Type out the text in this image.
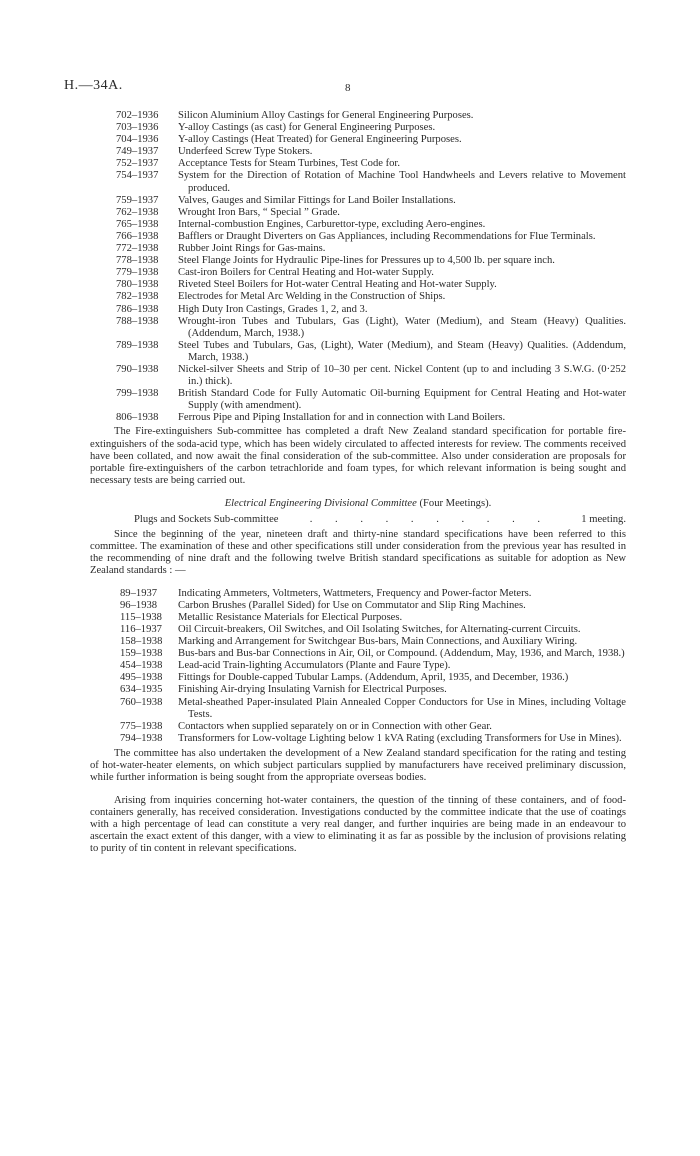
H.—34A.	8
702–1936	Silicon Aluminium Alloy Castings for General Engineering Purposes.
703–1936	Y-alloy Castings (as cast) for General Engineering Purposes.
704–1936	Y-alloy Castings (Heat Treated) for General Engineering Purposes.
749–1937	Underfeed Screw Type Stokers.
752–1937	Acceptance Tests for Steam Turbines, Test Code for.
754–1937	System for the Direction of Rotation of Machine Tool Handwheels and Levers relative to Movement produced.
759–1937	Valves, Gauges and Similar Fittings for Land Boiler Installations.
762–1938	Wrought Iron Bars, “ Special ” Grade.
765–1938	Internal-combustion Engines, Carburettor-type, excluding Aero-engines.
766–1938	Bafflers or Draught Diverters on Gas Appliances, including Recommendations for Flue Terminals.
772–1938	Rubber Joint Rings for Gas-mains.
778–1938	Steel Flange Joints for Hydraulic Pipe-lines for Pressures up to 4,500 lb. per square inch.
779–1938	Cast-iron Boilers for Central Heating and Hot-water Supply.
780–1938	Riveted Steel Boilers for Hot-water Central Heating and Hot-water Supply.
782–1938	Electrodes for Metal Arc Welding in the Construction of Ships.
786–1938	High Duty Iron Castings, Grades 1, 2, and 3.
788–1938	Wrought-iron Tubes and Tubulars, Gas (Light), Water (Medium), and Steam (Heavy) Qualities. (Addendum, March, 1938.)
789–1938	Steel Tubes and Tubulars, Gas, (Light), Water (Medium), and Steam (Heavy) Qualities. (Addendum, March, 1938.)
790–1938	Nickel-silver Sheets and Strip of 10–30 per cent. Nickel Content (up to and including 3 S.W.G. (0·252 in.) thick).
799–1938	British Standard Code for Fully Automatic Oil-burning Equipment for Central Heating and Hot-water Supply (with amendment).
806–1938	Ferrous Pipe and Piping Installation for and in connection with Land Boilers.

The Fire-extinguishers Sub-committee has completed a draft New Zealand standard specification for portable fire-extinguishers of the soda-acid type, which has been widely circulated to affected interests for review. The comments received have been collated, and now await the final consideration of the sub-committee. Also under consideration are proposals for portable fire-extinguishers of the carbon tetrachloride and foam types, for which relevant information is being sought and necessary tests are being carried out.

Electrical Engineering Divisional Committee (Four Meetings).
Plugs and Sockets Sub-committee	. . . . . . . . . .	1 meeting.

Since the beginning of the year, nineteen draft and thirty-nine standard specifications have been referred to this committee. The examination of these and other specifications still under consideration from the previous year has resulted in the recommending of nine draft and the following twelve British standard specifications as suitable for adoption as New Zealand standards : —

89–1937	Indicating Ammeters, Voltmeters, Wattmeters, Frequency and Power-factor Meters.
96–1938	Carbon Brushes (Parallel Sided) for Use on Commutator and Slip Ring Machines.
115–1938	Metallic Resistance Materials for Electical Purposes.
116–1937	Oil Circuit-breakers, Oil Switches, and Oil Isolating Switches, for Alternating-current Circuits.
158–1938	Marking and Arrangement for Switchgear Bus-bars, Main Connections, and Auxiliary Wiring.
159–1938	Bus-bars and Bus-bar Connections in Air, Oil, or Compound. (Addendum, May, 1936, and March, 1938.)
454–1938	Lead-acid Train-lighting Accumulators (Plante and Faure Type).
495–1938	Fittings for Double-capped Tubular Lamps. (Addendum, April, 1935, and December, 1936.)
634–1935	Finishing Air-drying Insulating Varnish for Electrical Purposes.
760–1938	Metal-sheathed Paper-insulated Plain Annealed Copper Conductors for Use in Mines, including Voltage Tests.
775–1938	Contactors when supplied separately on or in Connection with other Gear.
794–1938	Transformers for Low-voltage Lighting below 1 kVA Rating (excluding Transformers for Use in Mines).

The committee has also undertaken the development of a New Zealand standard specification for the rating and testing of hot-water-heater elements, on which subject particulars supplied by manufacturers have received preliminary discussion, while further information is being sought from the appropriate overseas bodies.

Arising from inquiries concerning hot-water containers, the question of the tinning of these containers, and of food-containers generally, has received consideration. Investigations conducted by the committee indicate that the use of coatings with a high percentage of lead can constitute a very real danger, and further inquiries are being made in an endeavour to ascertain the exact extent of this danger, with a view to eliminating it as far as possible by the inclusion of provisions relating to purity of tin content in relevant specifications.
